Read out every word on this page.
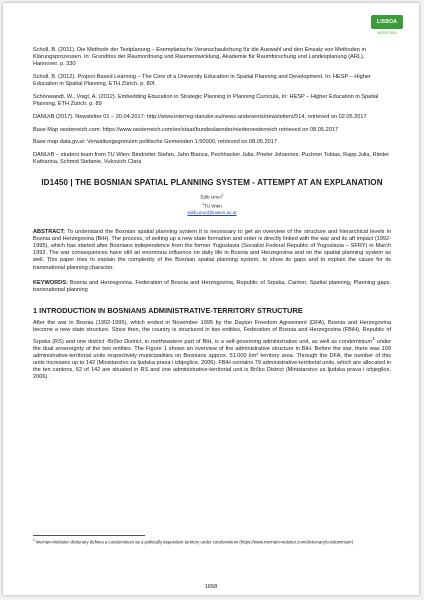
LISBOA
AESOP 2018

Scholl, B. (2011). Die Methode der Testplanung – Exemplarische Veranschaulichung für die Auswahl und den Einsatz von Methoden in Klärungsprozessen. In: Grundriss der Raumordnung und Raumentwicklung, Akademie für Raumforschung und Landesplanung (ARL), Hannover. p. 330

Scholl, B. (2012). Project-Based Learning – The Core of a University Education in Spatial Planning and Development, In: HESP – Higher Education in Spatial Planning, ETH Zürich. p. 80f.

Schönwandt, W., Voigt, A. (2012). Embedding Education in Strategic Planning in Planning Curricula, In: HESP – Higher Education in Spatial Planning, ETH Zürich. p. 89

DANUrB (2017). Newsletter 01 – 20.04.2017: http://www.interreg-danube.eu/news-andevents/newsletters/514, retrieved on 02.05.2017

Base Map oesterreich.com: https://www.oesterreich.com/en/staat/bundeslaender/niederoesterreich retrieved on 08.05.2017

Base map data.gv.at: Verwaltungsgrenzen politische Gemeinden 1:50000, retrieved on 08.05.2017

DANUrB – student team from TU Wien: Bindreiter Stefan, Jahn Bianca, Pechhacker Julia, Prieler Johannes, Puchner Tobias, Rapp Julia, Rieder Katharina, Schmid Stefanie, Vukovich Clara

ID1450 | THE BOSNIAN SPATIAL PLANNING SYSTEM - ATTEMPT AT AN EXPLANATION
Edib Uruci$^1$
$^1$TU Wien
edib.uruci@tuwien.ac.at

ABSTRACT: To understand the Bosnian spatial planning system it is necessary to get an overview of the structure and hierarchical levels in Bosnia and Herzegovina (BiH). The process, of setting up a new state formation and order is directly linked with the war and its aft impact (1992-1995), which has started after Bosnians independence from the former Yugoslavia (Socialist Federal Republic of Yugoslavia – SFRY) in March 1992. The war consequences have still an enormous influence on daily life in Bosnia and Herzegovina and on the spatial planning system as well. This paper tries to explain the complexity of the Bosnian spatial planning system, to show its gaps and to explain the cause for its transnational planning character.

KEYWORDS: Bosnia and Herzegovina, Federation of Bosnia and Herzegovina, Republic of Srpska, Canton, Spatial planning, Planning gaps, transnational planning

1 INTRODUCTION IN BOSNIANS ADMINISTRATIVE-TERRITORY STRUCTURE

After the war in Bosnia (1992-1995), which ended in November 1995 by the Dayton Freedom Agreement (DFA), Bosnia and Herzegovina become a new state structure. Since then, the country is structured in two entities, Federation of Bosnia and Herzegovina (FBiH), Republic of Srpska (RS) and one district -Brčko District, in northeastern part of BiH, is a self-governing administrative unit, as well as condominium$^1$ under the dual sovereignty of the two entities. The Figure 1 shows an overview of the administrative structure in BiH. Before the war, there was 109 administrative-territorial units respectively municipalities on Bosnians approx. 51.000 km² territory area. Through the DFA, the number of this units increases up to 142 (Ministarstvo za ljudska prava i izbjeglice, 2006). FBiH contains 79 administrative-territorial units, which are allocated in the ten cantons, 62 of 142 are situated in RS and one administrative-territorial unit is Brčko District (Ministarstvo za ljudska prava i izbjeglice, 2006).

$^1$ Merriam-Webster dictionary defines a condominium as a politically dependent territory under condominium (https://www.merriam-webster.com/dictionary/condominium)
1658
